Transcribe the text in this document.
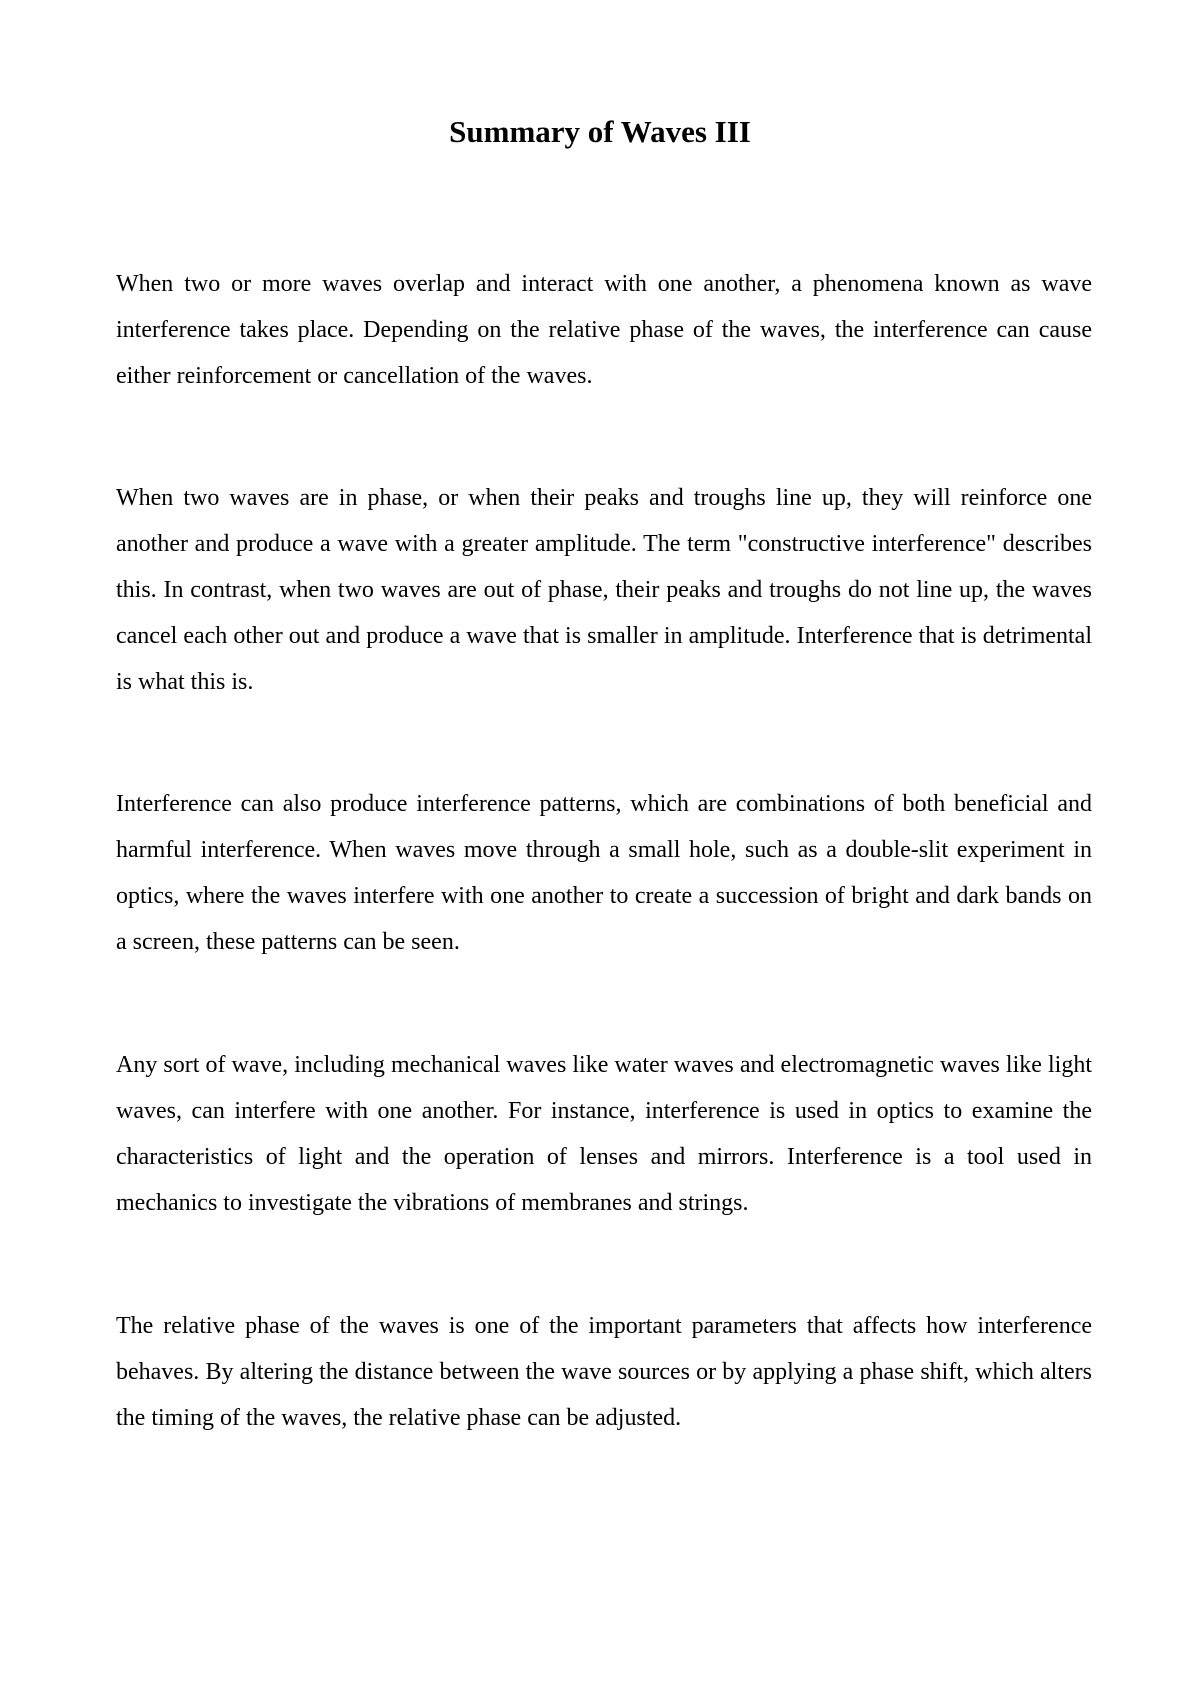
Summary of Waves III

When two or more waves overlap and interact with one another, a phenomena known as wave interference takes place. Depending on the relative phase of the waves, the interference can cause either reinforcement or cancellation of the waves.

When two waves are in phase, or when their peaks and troughs line up, they will reinforce one another and produce a wave with a greater amplitude. The term "constructive interference" describes this. In contrast, when two waves are out of phase, their peaks and troughs do not line up, the waves cancel each other out and produce a wave that is smaller in amplitude. Interference that is detrimental is what this is.

Interference can also produce interference patterns, which are combinations of both beneficial and harmful interference. When waves move through a small hole, such as a double-slit experiment in optics, where the waves interfere with one another to create a succession of bright and dark bands on a screen, these patterns can be seen.

Any sort of wave, including mechanical waves like water waves and electromagnetic waves like light waves, can interfere with one another. For instance, interference is used in optics to examine the characteristics of light and the operation of lenses and mirrors. Interference is a tool used in mechanics to investigate the vibrations of membranes and strings.

The relative phase of the waves is one of the important parameters that affects how interference behaves. By altering the distance between the wave sources or by applying a phase shift, which alters the timing of the waves, the relative phase can be adjusted.
